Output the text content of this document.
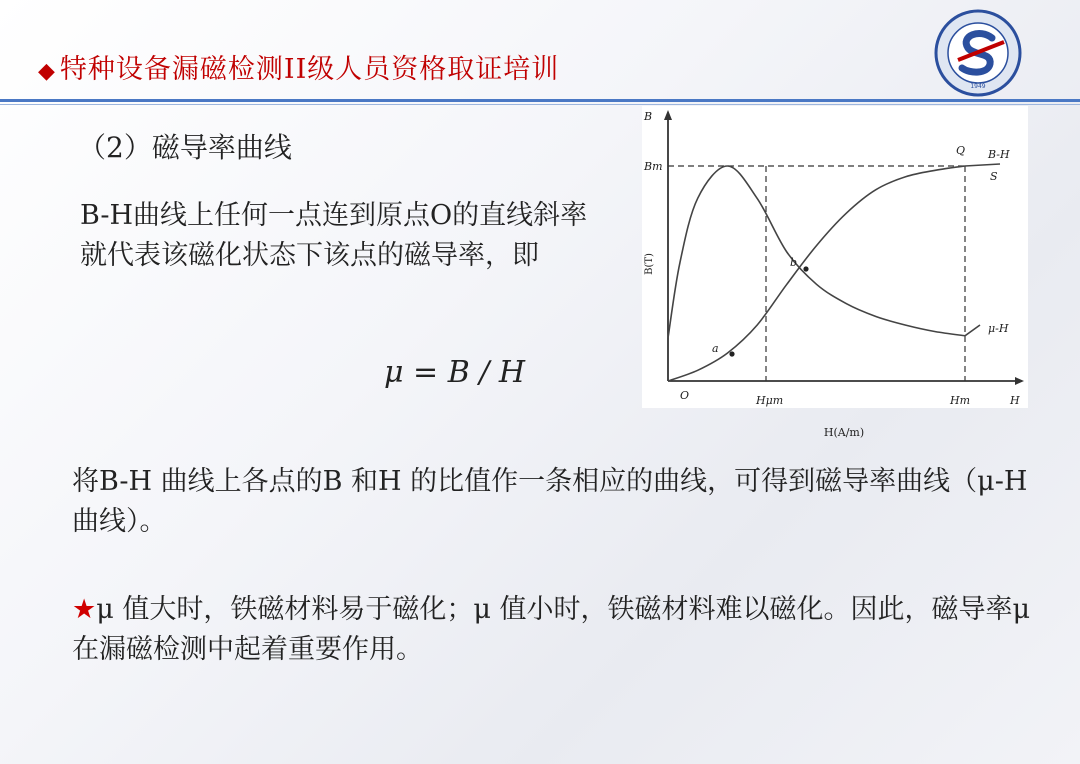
◆ 特种设备漏磁检测II级人员资格取证培训
1949
（2）磁导率曲线
B-H曲线上任何一点连到原点O的直线斜率就代表该磁化状态下该点的磁导率，即
μ = B / H
将B-H 曲线上各点的B 和H 的比值作一条相应的曲线，可得到磁导率曲线（μ-H曲线）。
★μ 值大时，铁磁材料易于磁化；μ 值小时，铁磁材料难以磁化。因此，磁导率μ 在漏磁检测中起着重要作用。
B
Bm
Q B-H
S
b
a
μ-H
O	Hμm	Hm	H
B(T)
H(A/m)
